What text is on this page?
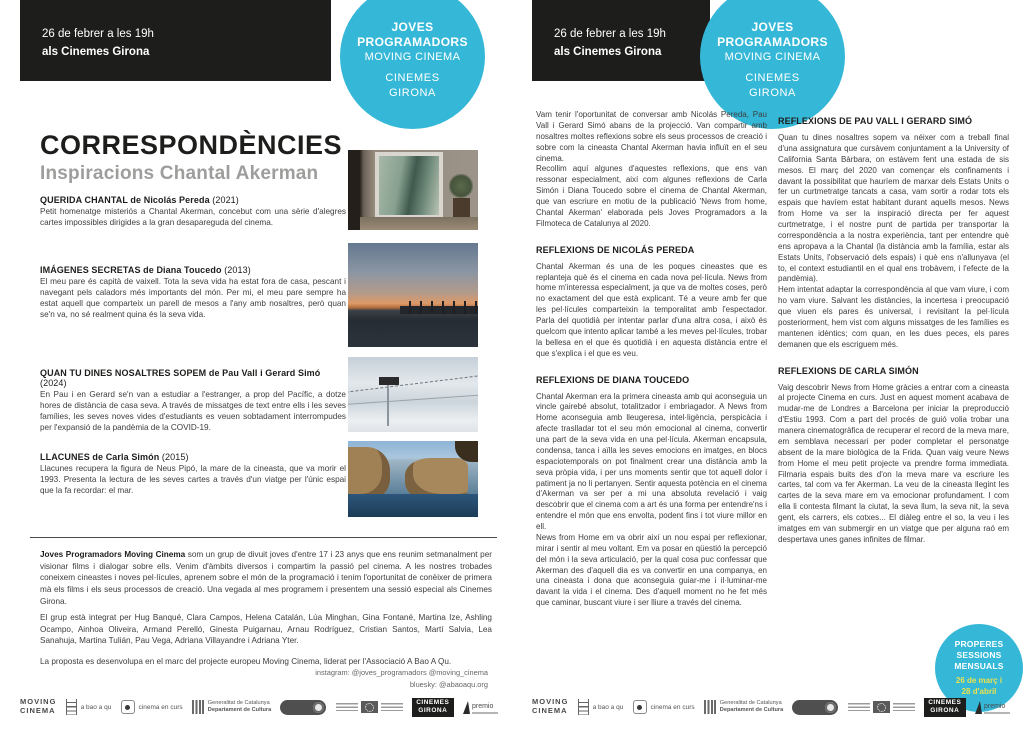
26 de febrer a les 19h
als Cinemes Girona
JOVES
PROGRAMADORS
MOVING CINEMA
CINEMES
GIRONA
CORRESPONDÈNCIES
Inspiracions Chantal Akerman
QUERIDA CHANTAL de Nicolás Pereda (2021)

Petit homenatge misteriós a Chantal Akerman, concebut com una sèrie d'alegres cartes impossibles dirigides a la gran desapareguda del cinema.

IMÁGENES SECRETAS de Diana Toucedo (2013)

El meu pare és capità de vaixell. Tota la seva vida ha estat fora de casa, pescant i navegant pels caladors més importants del món. Per mi, el meu pare sempre ha estat aquell que comparteix un parell de mesos a l'any amb nosaltres, però quan se'n va, no sé realment quina és la seva vida.

QUAN TU DINES NOSALTRES SOPEM de Pau Vall i Gerard Simó (2024)

En Pau i en Gerard se'n van a estudiar a l'estranger, a prop del Pacífic, a dotze hores de distància de casa seva. A través de missatges de text entre ells i les seves famílies, les seves noves vides d'estudiants es veuen sobtadament interrompudes per l'expansió de la pandèmia de la COVID-19.

LLACUNES de Carla Simón (2015)

Llacunes recupera la figura de Neus Pipó, la mare de la cineasta, que va morir el 1993. Presenta la lectura de les seves cartes a través d'un viatge per l'únic espai que la fa recordar: el mar.

Joves Programadors Moving Cinema som un grup de divuit joves d'entre 17 i 23 anys que ens reunim setmanalment per visionar films i dialogar sobre ells. Venim d'àmbits diversos i compartim la passió pel cinema. A les nostres trobades coneixem cineastes i noves pel·lícules, aprenem sobre el món de la programació i tenim l'oportunitat de conèixer de primera mà els films i els seus processos de creació. Una vegada al mes programem i presentem una sessió especial als Cinemes Girona.

El grup està integrat per Hug Banqué, Clara Campos, Helena Catalán, Lúa Minghan, Gina Fontané, Martina Ize, Ashling Ocampo, Ainhoa Oliveira, Armand Perelló, Ginesta Puigarnau, Arnau Rodríguez, Cristian Santos, Martí Salvia, Lea Sanahuja, Martina Tulián, Pau Vega, Adriana Villayandre i Adriana Yter.

La proposta es desenvolupa en el marc del projecte europeu Moving Cinema, liderat per l'Associació A Bao A Qu.

instagram: @joves_programadors @moving_cinema
bluesky: @abaoaqu.org
MOVING
CINEMA	a bao a qu	cinema en curs
Generalitat de Catalunya
Departament de Cultura
CINEMES
GIRONA
premio
26 de febrer a les 19h
als Cinemes Girona
JOVES
PROGRAMADORS
MOVING CINEMA
CINEMES
GIRONA

Vam tenir l'oportunitat de conversar amb Nicolás Pereda, Pau Vall i Gerard Simó abans de la projecció. Van compartir amb nosaltres moltes reflexions sobre els seus processos de creació i sobre com la cineasta Chantal Akerman havia influït en el seu cinema.

Recollim aquí algunes d'aquestes reflexions, que ens van ressonar especialment, així com algunes reflexions de Carla Simón i Diana Toucedo sobre el cinema de Chantal Akerman, que van escriure en motiu de la publicació 'News from home, Chantal Akerman' elaborada pels Joves Programadors a la Filmoteca de Catalunya al 2020.

REFLEXIONS DE NICOLÁS PEREDA

Chantal Akerman és una de les poques cineastes que es replanteja què és el cinema en cada nova pel·lícula. News from home m'interessa especialment, ja que va de moltes coses, però no exactament del que està explicant. Té a veure amb fer que les pel·lícules comparteixin la temporalitat amb l'espectador. Parla del quotidià per intentar parlar d'una altra cosa, i això és quelcom que intento aplicar també a les meves pel·lícules, trobar la bellesa en el que és quotidià i en aquesta distància entre el que s'explica i el que es veu.

REFLEXIONS DE DIANA TOUCEDO

Chantal Akerman era la primera cineasta amb qui aconseguia un vincle gairebé absolut, totalitzador i embriagador. A News from Home aconseguia amb lleugeresa, intel·ligència, perspicàcia i afecte traslladar tot el seu món emocional al cinema, convertir una part de la seva vida en una pel·lícula. Akerman encapsula, condensa, tanca i aïlla les seves emocions en imatges, en blocs espaciotemporals on pot finalment crear una distància amb la seva pròpia vida, i per uns moments sentir que tot aquell dolor i patiment ja no li pertanyen. Sentir aquesta potència en el cinema d'Akerman va ser per a mi una absoluta revelació i vaig descobrir que el cinema com a art és una forma per entendre'ns i entendre el món que ens envolta, podent fins i tot viure millor en ell.

News from Home em va obrir així un nou espai per reflexionar, mirar i sentir al meu voltant. Em va posar en qüestió la percepció del món i la seva articulació, per la qual cosa puc confessar que Akerman des d'aquell dia es va convertir en una companya, en una cineasta i dona que aconseguia guiar-me i il·luminar-me davant la vida i el cinema. Des d'aquell moment no he fet més que caminar, buscant viure i ser lliure a través del cinema.

REFLEXIONS DE PAU VALL I GERARD SIMÓ

Quan tu dines nosaltres sopem va néixer com a treball final d'una assignatura que cursàvem conjuntament a la University of California Santa Bàrbara, on estàvem fent una estada de sis mesos. El març del 2020 van començar els confinaments i davant la possibilitat que hauríem de marxar dels Estats Units o fer un curtmetratge tancats a casa, vam sortir a rodar tots els espais que havíem estat habitant durant aquells mesos. News from Home va ser la inspiració directa per fer aquest curtmetratge, i el nostre punt de partida per transportar la correspondència a la nostra experiència, tant per entendre què ens apropava a la Chantal (la distància amb la família, estar als Estats Units, l'observació dels espais) i què ens n'allunyava (el to, el context estudiantil en el qual ens trobàvem, i l'efecte de la pandèmia).

Hem intentat adaptar la correspondència al que vam viure, i com ho vam viure. Salvant les distàncies, la incertesa i preocupació que viuen els pares és universal, i revisitant la pel·lícula posteriorment, hem vist com alguns missatges de les famílies es mantenen idèntics; com quan, en les dues peces, els pares demanen que els escriguem més.

REFLEXIONS DE CARLA SIMÓN

Vaig descobrir News from Home gràcies a entrar com a cineasta al projecte Cinema en curs. Just en aquest moment acabava de mudar-me de Londres a Barcelona per iniciar la preproducció d'Estiu 1993. Com a part del procés de guió volia trobar una manera cinematogràfica de recuperar el record de la meva mare, em semblava necessari per poder completar el personatge absent de la mare biològica de la Frida. Quan vaig veure News from Home el meu petit projecte va prendre forma immediata. Filmaria espais buits des d'on la meva mare va escriure les cartes, tal com va fer Akerman. La veu de la cineasta llegint les cartes de la seva mare em va emocionar profundament. I com ella li contesta filmant la ciutat, la seva llum, la seva nit, la seva gent, els carrers, els cotxes... El diàleg entre el so, la veu i les imatges em van submergir en un viatge que per alguna raó em despertava unes ganes infinites de filmar.

PROPERES
SESSIONS
MENSUALS
26 de març i
28 d'abril
MOVING
CINEMA	a bao a qu	cinema en curs
Generalitat de Catalunya
Departament de Cultura
CINEMES
GIRONA
premio
